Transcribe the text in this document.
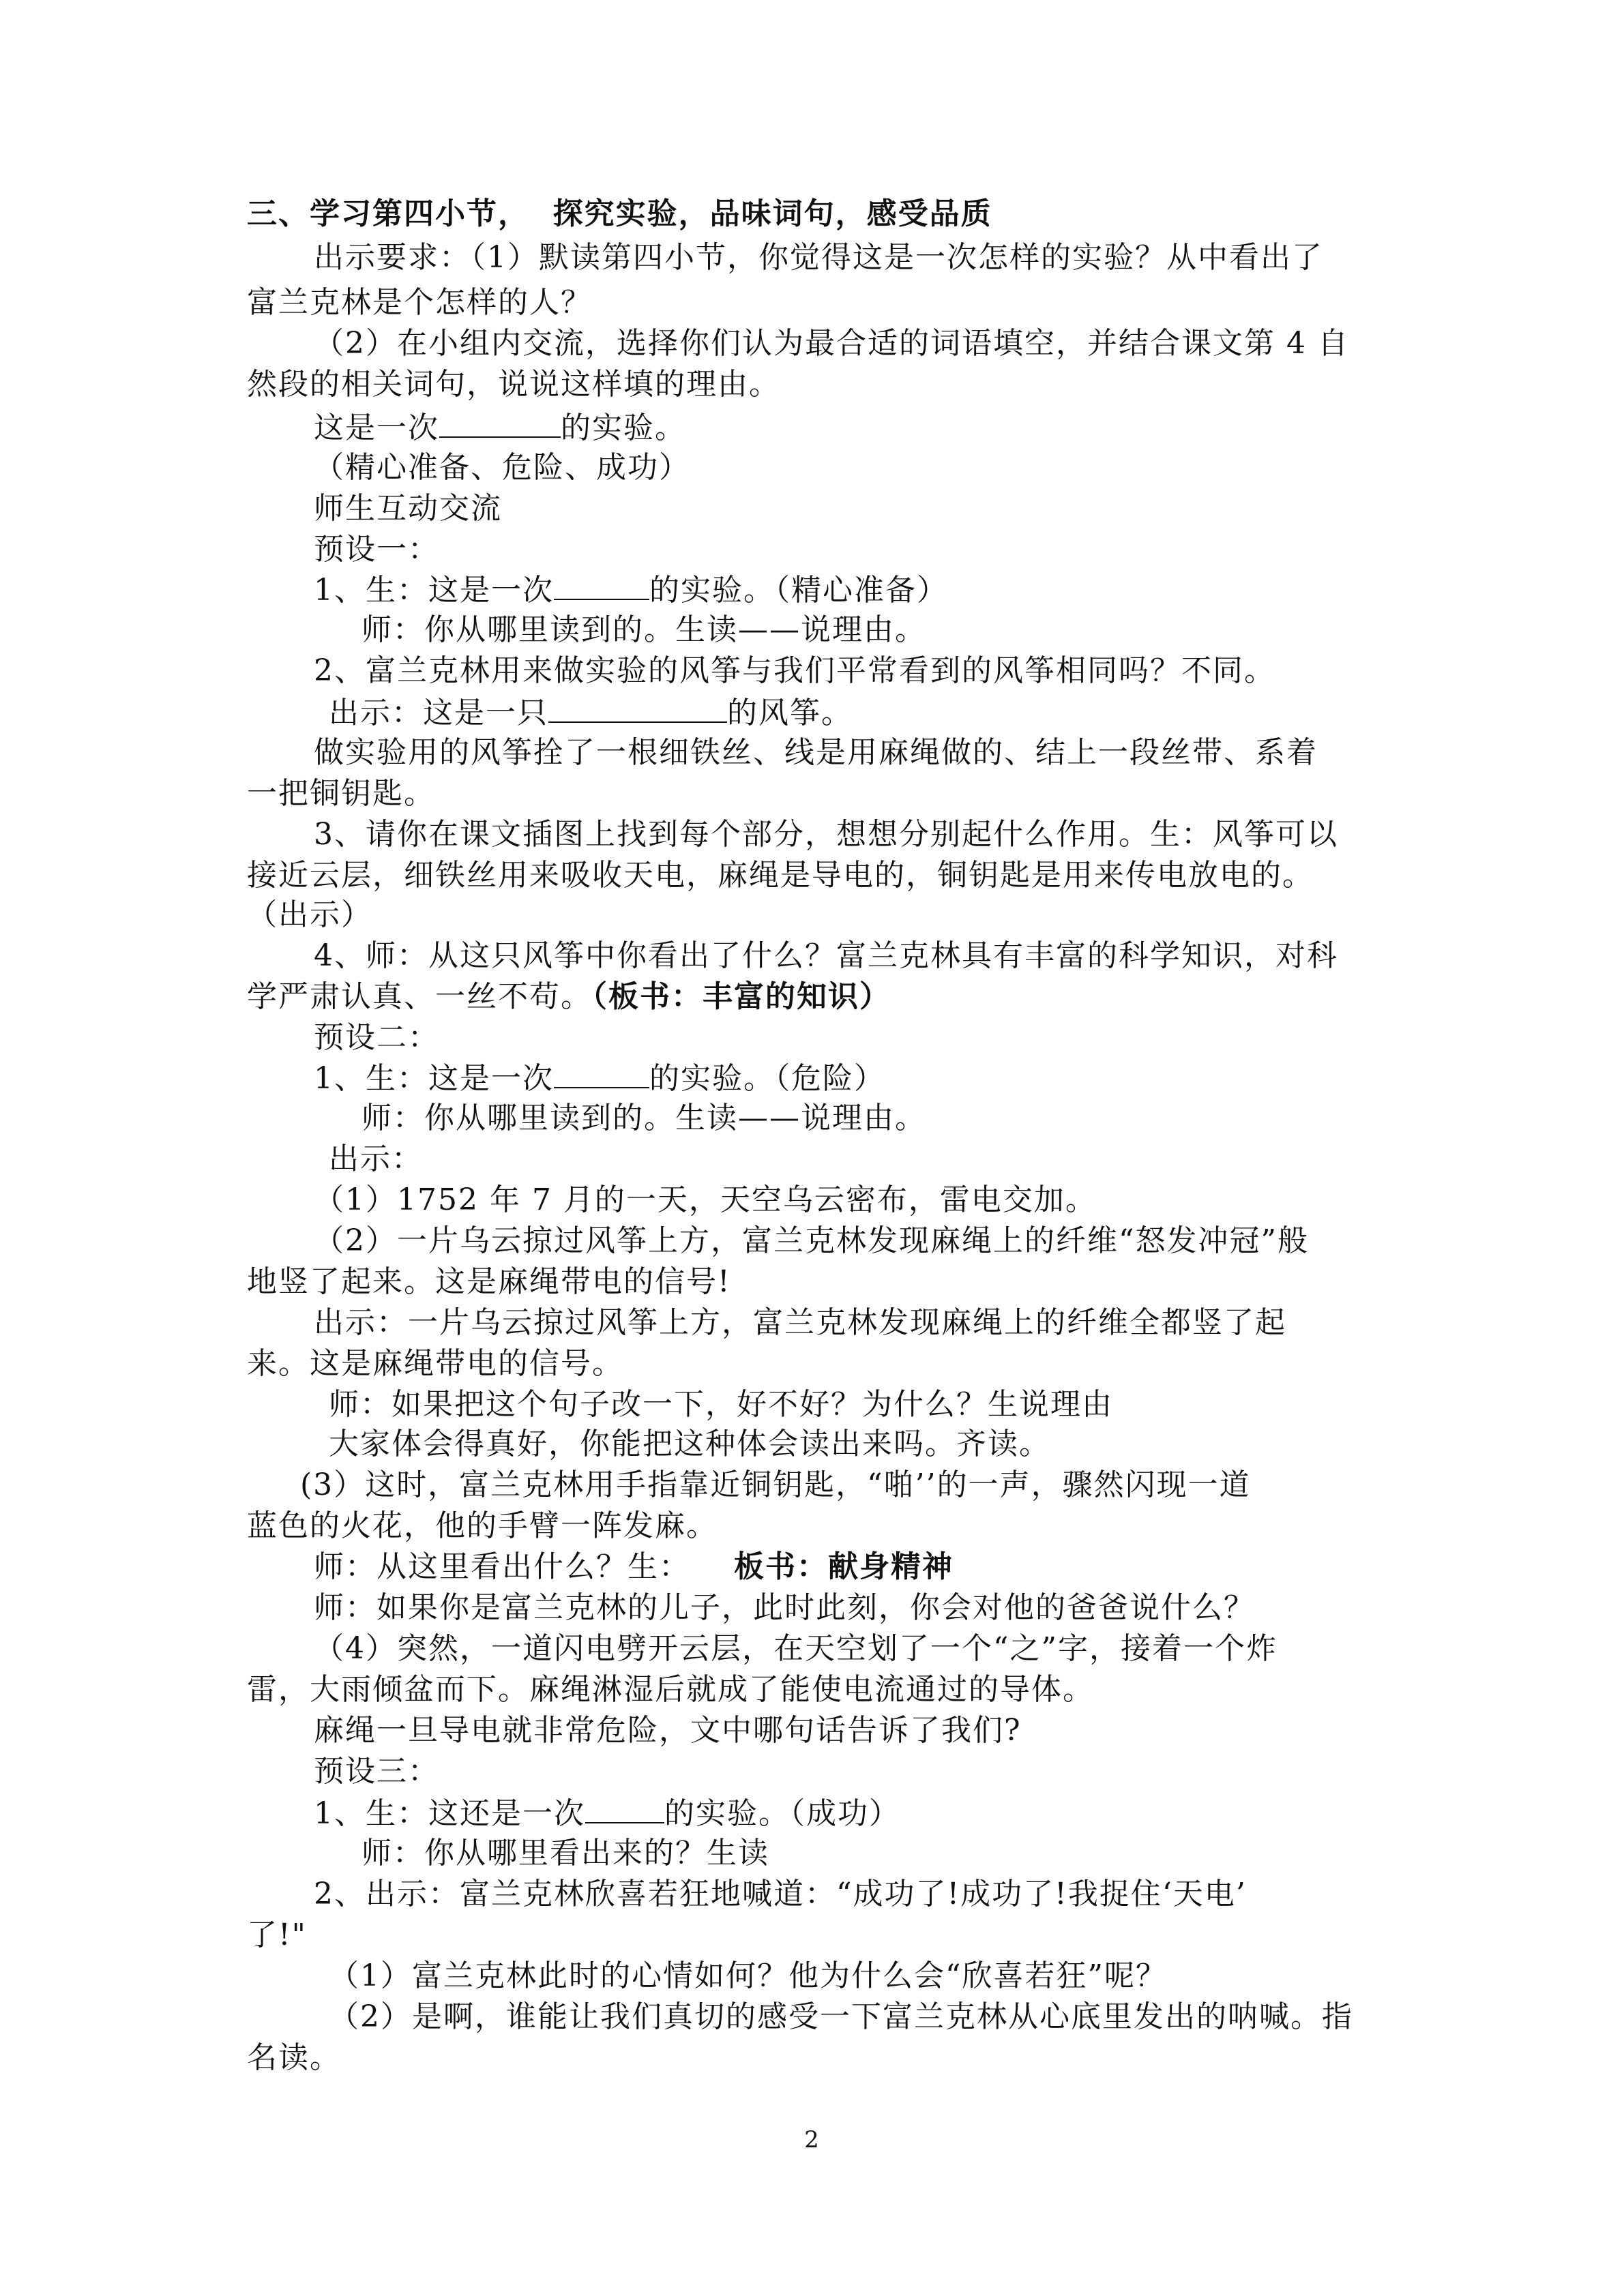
三、学习第四小节，  探究实验，品味词句，感受品质
出示要求：（1）默读第四小节，你觉得这是一次怎样的实验？从中看出了
富兰克林是个怎样的人？
（2）在小组内交流，选择你们认为最合适的词语填空，并结合课文第 4 自
然段的相关词句，说说这样填的理由。
这是一次	的实验。
（精心准备、危险、成功）
师生互动交流
预设一：
1、生：这是一次	的实验。（精心准备）
师：你从哪里读到的。生读——说理由。
2、富兰克林用来做实验的风筝与我们平常看到的风筝相同吗？不同。
出示：这是一只	的风筝。
做实验用的风筝拴了一根细铁丝、线是用麻绳做的、结上一段丝带、系着
一把铜钥匙。
3、请你在课文插图上找到每个部分，想想分别起什么作用。生：风筝可以
接近云层，细铁丝用来吸收天电，麻绳是导电的，铜钥匙是用来传电放电的。
（出示）
4、师：从这只风筝中你看出了什么？富兰克林具有丰富的科学知识，对科
学严肃认真、一丝不苟。（板书：丰富的知识）
预设二：
1、生：这是一次	的实验。（危险）
师：你从哪里读到的。生读——说理由。
出示：
（1）1752 年 7 月的一天，天空乌云密布，雷电交加。
（2）一片乌云掠过风筝上方，富兰克林发现麻绳上的纤维“怒发冲冠”般
地竖了起来。这是麻绳带电的信号!
出示：一片乌云掠过风筝上方，富兰克林发现麻绳上的纤维全都竖了起
来。这是麻绳带电的信号。
师：如果把这个句子改一下，好不好？为什么？生说理由
大家体会得真好，你能把这种体会读出来吗。齐读。
(3）这时，富兰克林用手指靠近铜钥匙，“啪’’的一声，骤然闪现一道
蓝色的火花，他的手臂一阵发麻。
师：从这里看出什么？生： 板书：献身精神
师：如果你是富兰克林的儿子，此时此刻，你会对他的爸爸说什么？
（4）突然，一道闪电劈开云层，在天空划了一个“之”字，接着一个炸
雷，大雨倾盆而下。麻绳淋湿后就成了能使电流通过的导体。
麻绳一旦导电就非常危险，文中哪句话告诉了我们?
预设三：
1、生：这还是一次	的实验。（成功）
师：你从哪里看出来的？生读
2、出示：富兰克林欣喜若狂地喊道：“成功了!成功了!我捉住‘天电’
了!"
（1）富兰克林此时的心情如何？他为什么会“欣喜若狂”呢？
（2）是啊，谁能让我们真切的感受一下富兰克林从心底里发出的呐喊。指
名读。
2
